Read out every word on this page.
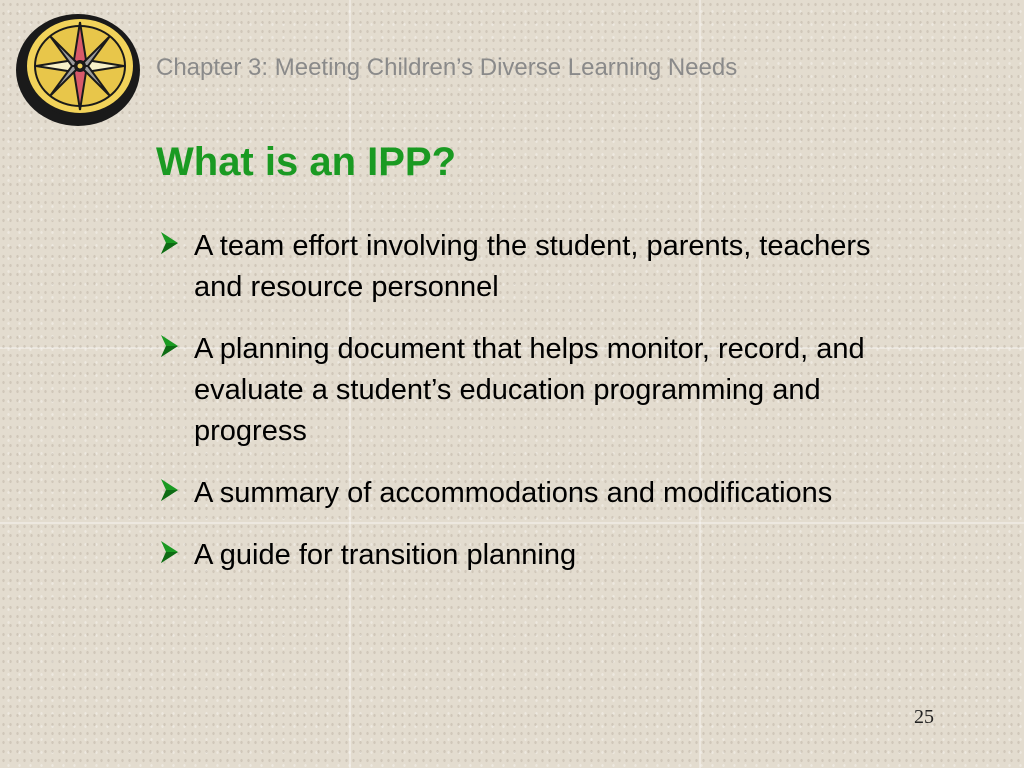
Chapter 3: Meeting Children’s Diverse Learning Needs
What is an IPP?
A team effort involving the student, parents, teachers and resource personnel
A planning document that helps monitor, record, and evaluate a student’s education programming and progress
A summary of accommodations and modifications
A guide for transition planning
25
